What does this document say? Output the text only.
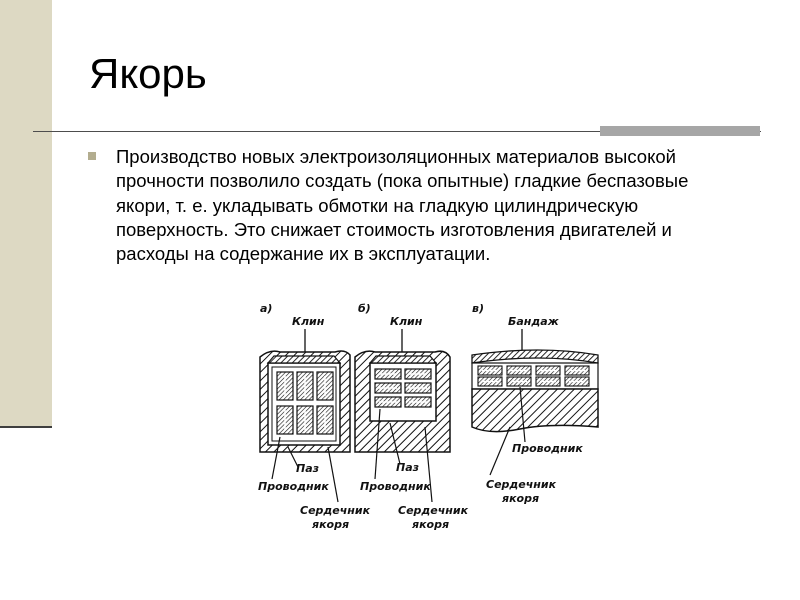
Якорь

Производство новых электроизоляционных материалов высокой прочности позволило создать (пока опытные) гладкие беспазовые якори, т. е. укладывать обмотки на гладкую цилиндрическую поверхность. Это снижает стоимость изготовления двигателей и расходы на содержание их в эксплуатации.

а)
Клин
Паз
Проводник
Сердечник
якоря
б)
Клин
Паз
Проводник
Сердечник
якоря
в)
Бандаж
Проводник
Сердечник
якоря
